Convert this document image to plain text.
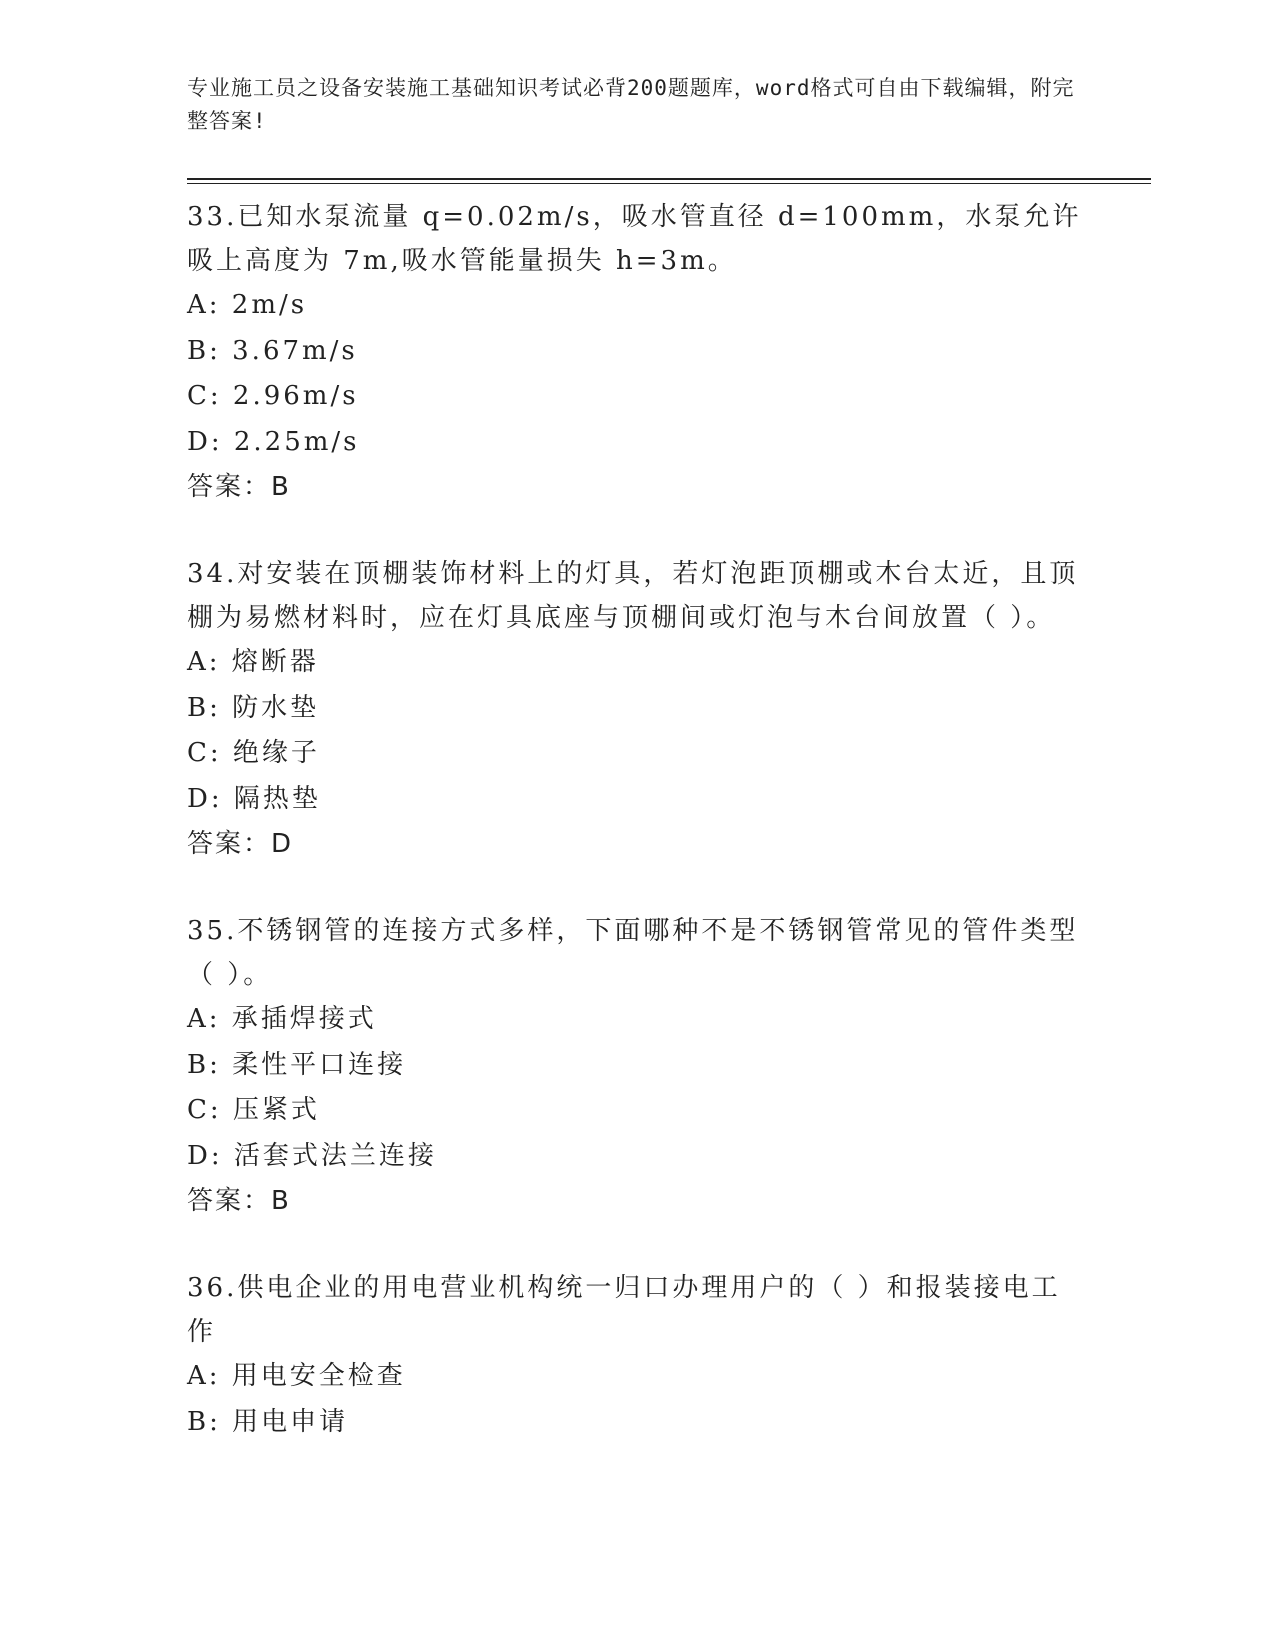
专业施工员之设备安装施工基础知识考试必背200题题库，word格式可自由下载编辑，附完整答案!
33.已知水泵流量 q=0.02m/s，吸水管直径 d=100mm，水泵允许吸上高度为 7m,吸水管能量损失 h=3m。
A: 2m/s
B: 3.67m/s
C: 2.96m/s
D: 2.25m/s
答案：B
34.对安装在顶棚装饰材料上的灯具，若灯泡距顶棚或木台太近，且顶棚为易燃材料时，应在灯具底座与顶棚间或灯泡与木台间放置（ ）。
A: 熔断器
B: 防水垫
C: 绝缘子
D: 隔热垫
答案：D
35.不锈钢管的连接方式多样，下面哪种不是不锈钢管常见的管件类型（ ）。
A: 承插焊接式
B: 柔性平口连接
C: 压紧式
D: 活套式法兰连接
答案：B
36.供电企业的用电营业机构统一归口办理用户的（ ）和报装接电工作
A: 用电安全检查
B: 用电申请
